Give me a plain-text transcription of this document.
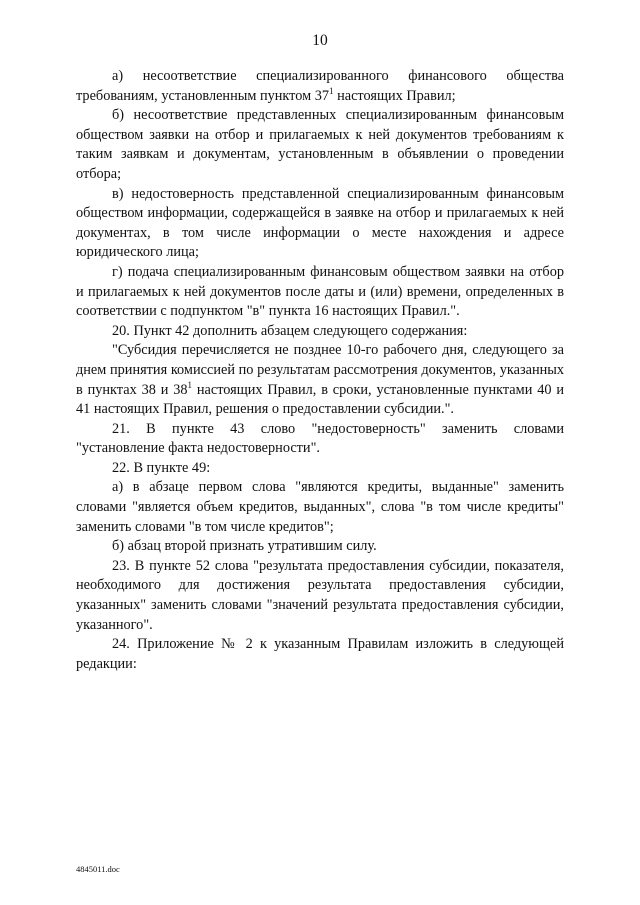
10

а) несоответствие специализированного финансового общества требованиям, установленным пунктом $37^1$ настоящих Правил;

б) несоответствие представленных специализированным финансовым обществом заявки на отбор и прилагаемых к ней документов требованиям к таким заявкам и документам, установленным в объявлении о проведении отбора;

в) недостоверность представленной специализированным финансовым обществом информации, содержащейся в заявке на отбор и прилагаемых к ней документах, в том числе информации о месте нахождения и адресе юридического лица;

г) подача специализированным финансовым обществом заявки на отбор и прилагаемых к ней документов после даты и (или) времени, определенных в соответствии с подпунктом "в" пункта 16 настоящих Правил.".

20. Пункт 42 дополнить абзацем следующего содержания:

"Субсидия перечисляется не позднее 10-го рабочего дня, следующего за днем принятия комиссией по результатам рассмотрения документов, указанных в пунктах 38 и $38^1$ настоящих Правил, в сроки, установленные пунктами 40 и 41 настоящих Правил, решения о предоставлении субсидии.".

21. В пункте 43 слово "недостоверность" заменить словами "установление факта недостоверности".

22. В пункте 49:

а) в абзаце первом слова "являются кредиты, выданные" заменить словами "является объем кредитов, выданных", слова "в том числе кредиты" заменить словами "в том числе кредитов";

б) абзац второй признать утратившим силу.

23. В пункте 52 слова "результата предоставления субсидии, показателя, необходимого для достижения результата предоставления субсидии, указанных" заменить словами "значений результата предоставления субсидии, указанного".

24. Приложение № 2 к указанным Правилам изложить в следующей редакции:

4845011.doc
